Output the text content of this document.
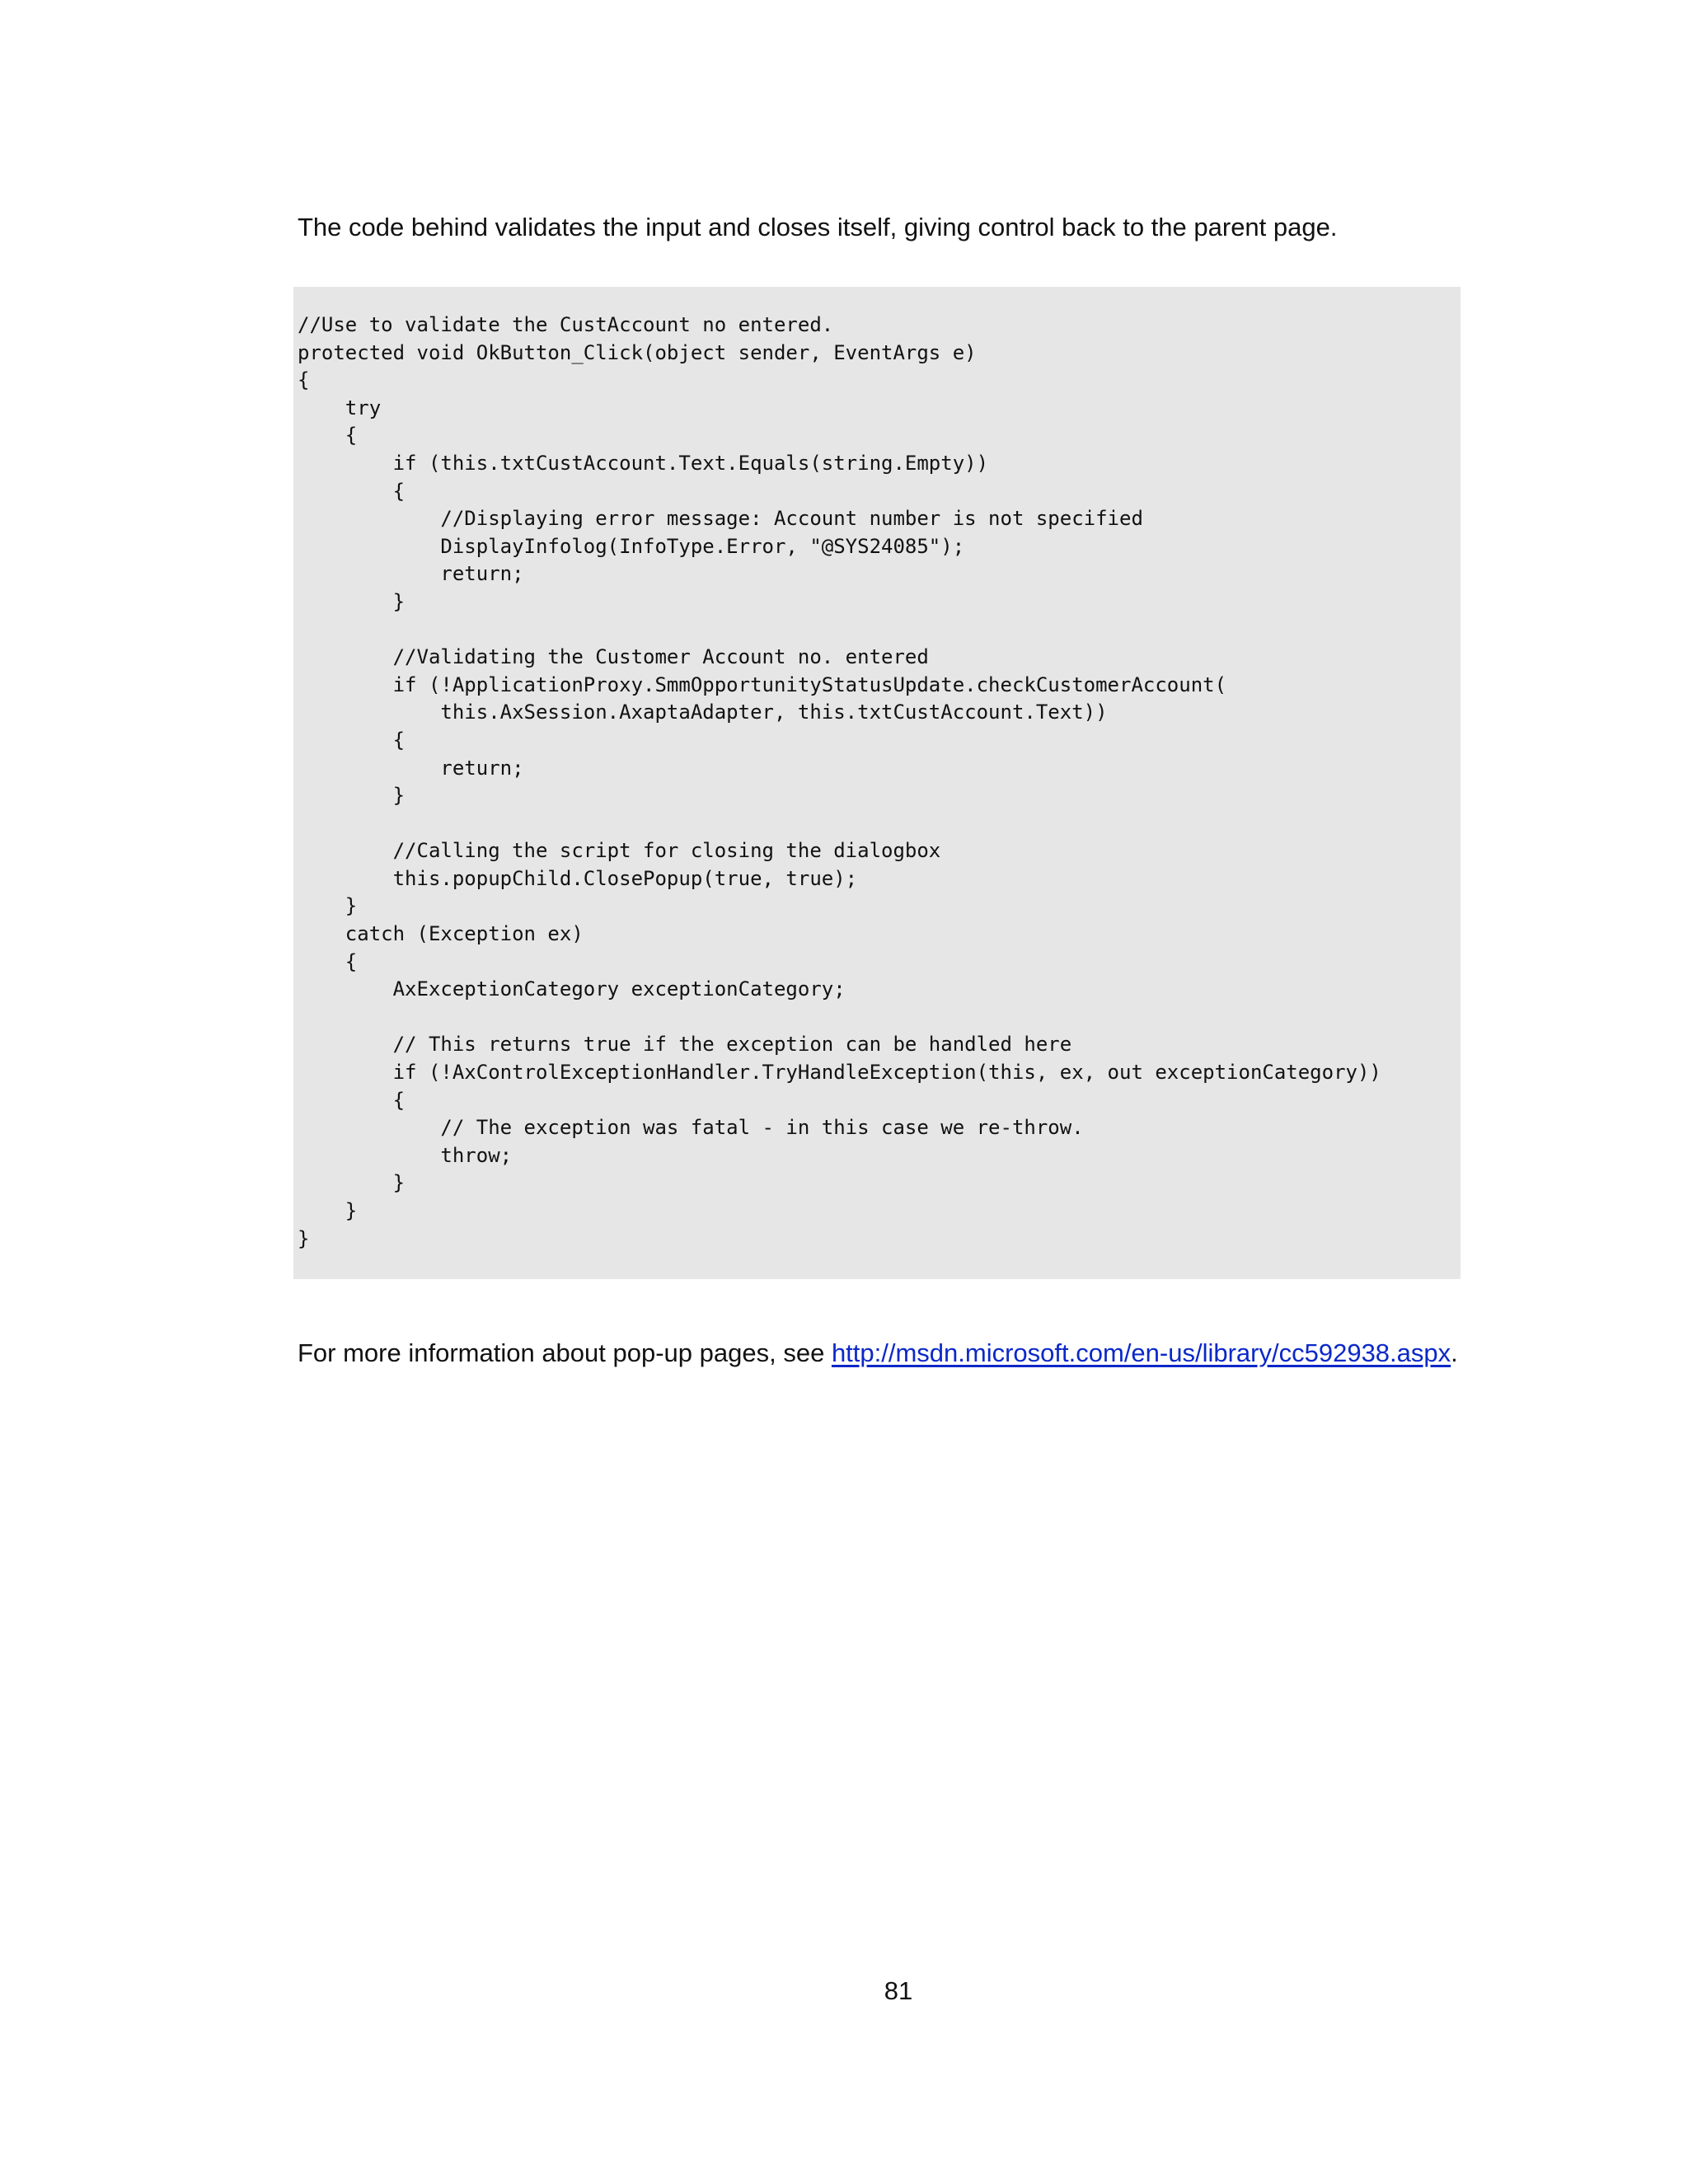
The code behind validates the input and closes itself, giving control back to the parent page.

//Use to validate the CustAccount no entered.
protected void OkButton_Click(object sender, EventArgs e)
{
try
{
if (this.txtCustAccount.Text.Equals(string.Empty))
{
//Displaying error message: Account number is not specified
DisplayInfolog(InfoType.Error, "@SYS24085");
return;
}
//Validating the Customer Account no. entered
if (!ApplicationProxy.SmmOpportunityStatusUpdate.checkCustomerAccount(
this.AxSession.AxaptaAdapter, this.txtCustAccount.Text))
{
return;
}
//Calling the script for closing the dialogbox
this.popupChild.ClosePopup(true, true);
}
catch (Exception ex)
{
AxExceptionCategory exceptionCategory;
// This returns true if the exception can be handled here
if (!AxControlExceptionHandler.TryHandleException(this, ex, out exceptionCategory))
{
// The exception was fatal - in this case we re-throw.
throw;
}
}
}

For more information about pop-up pages, see http://msdn.microsoft.com/en-us/library/cc592938.aspx.

81
